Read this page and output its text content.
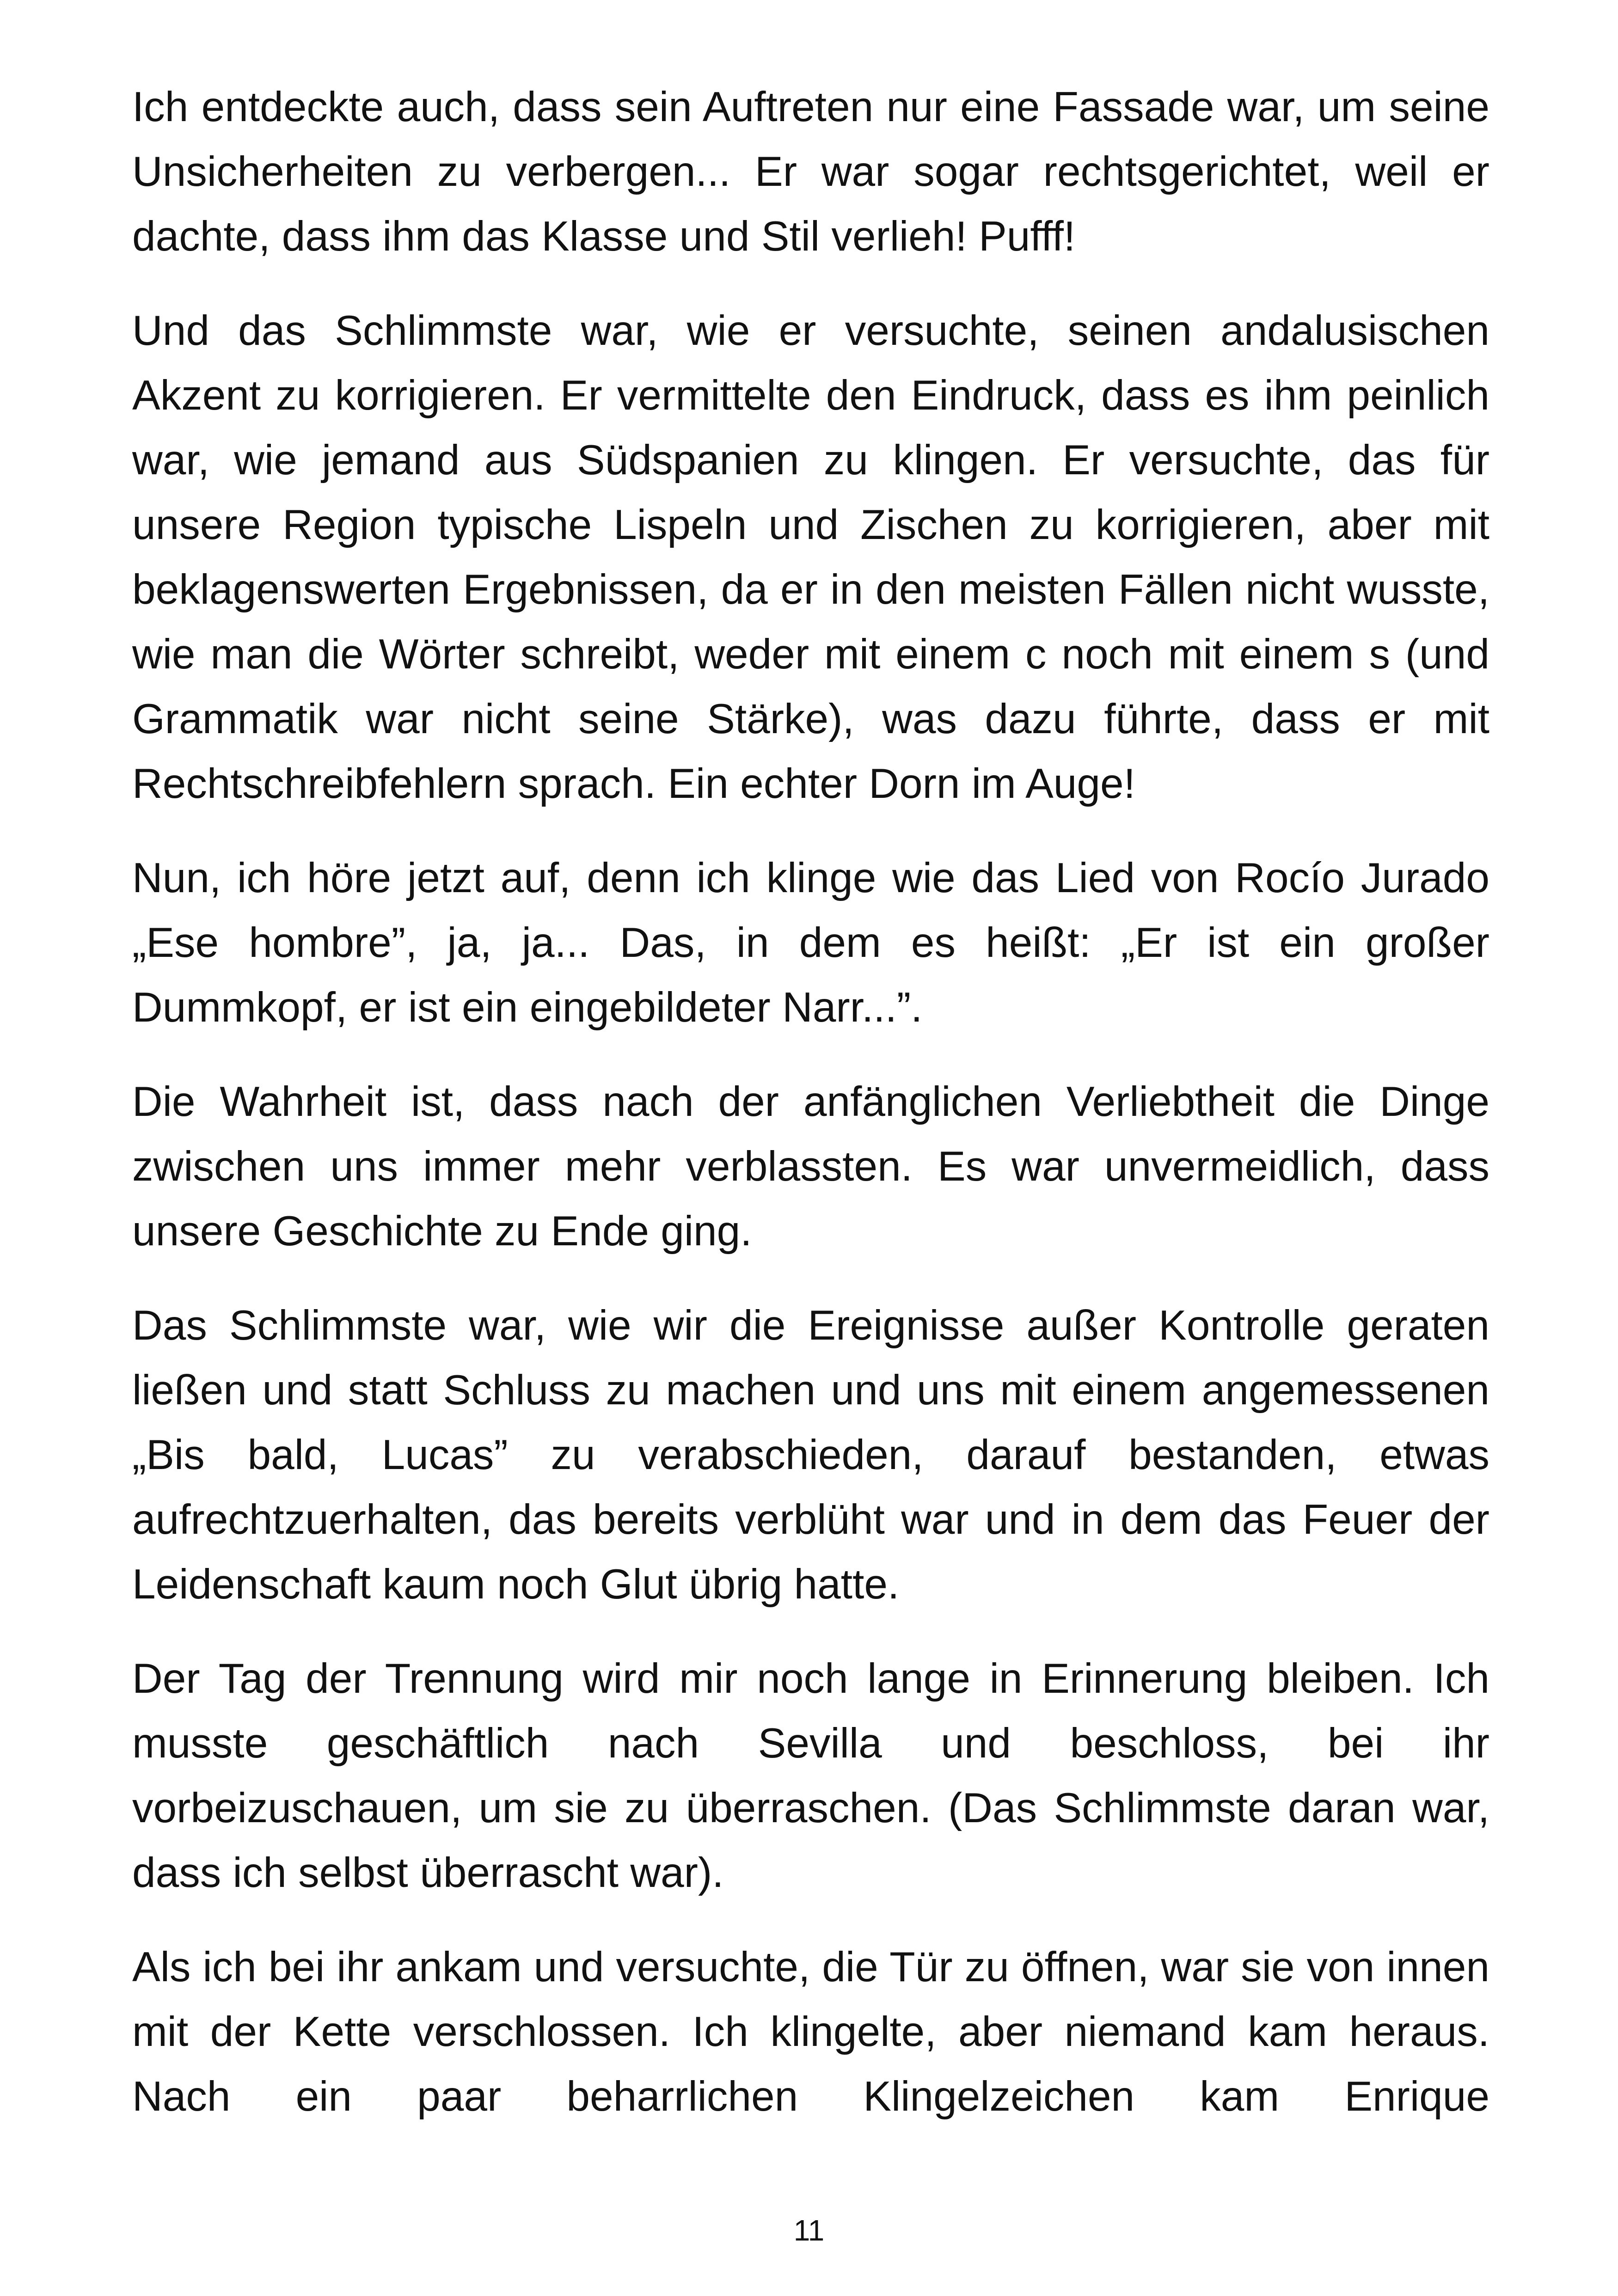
Ich entdeckte auch, dass sein Auftreten nur eine Fassade war, um seine Unsicherheiten zu verbergen... Er war sogar rechtsgerichtet, weil er dachte, dass ihm das Klasse und Stil verlieh! Pufff!

Und das Schlimmste war, wie er versuchte, seinen andalusischen Akzent zu korrigieren. Er vermittelte den Eindruck, dass es ihm peinlich war, wie jemand aus Südspanien zu klingen. Er versuchte, das für unsere Region typische Lispeln und Zischen zu korrigieren, aber mit beklagenswerten Ergebnissen, da er in den meisten Fällen nicht wusste, wie man die Wörter schreibt, weder mit einem c noch mit einem s (und Grammatik war nicht seine Stärke), was dazu führte, dass er mit Rechtschreibfehlern sprach. Ein echter Dorn im Auge!

Nun, ich höre jetzt auf, denn ich klinge wie das Lied von Rocío Jurado „Ese hombre”, ja, ja... Das, in dem es heißt: „Er ist ein großer Dummkopf, er ist ein eingebildeter Narr...”.

Die Wahrheit ist, dass nach der anfänglichen Verliebtheit die Dinge zwischen uns immer mehr verblassten. Es war unvermeidlich, dass unsere Geschichte zu Ende ging.

Das Schlimmste war, wie wir die Ereignisse außer Kontrolle geraten ließen und statt Schluss zu machen und uns mit einem angemessenen „Bis bald, Lucas” zu verabschieden, darauf bestanden, etwas aufrechtzuerhalten, das bereits verblüht war und in dem das Feuer der Leidenschaft kaum noch Glut übrig hatte.

Der Tag der Trennung wird mir noch lange in Erinnerung bleiben. Ich musste geschäftlich nach Sevilla und beschloss, bei ihr vorbeizuschauen, um sie zu überraschen. (Das Schlimmste daran war, dass ich selbst überrascht war).

Als ich bei ihr ankam und versuchte, die Tür zu öffnen, war sie von innen mit der Kette verschlossen. Ich klingelte, aber niemand kam heraus. Nach ein paar beharrlichen Klingelzeichen kam Enrique

11
